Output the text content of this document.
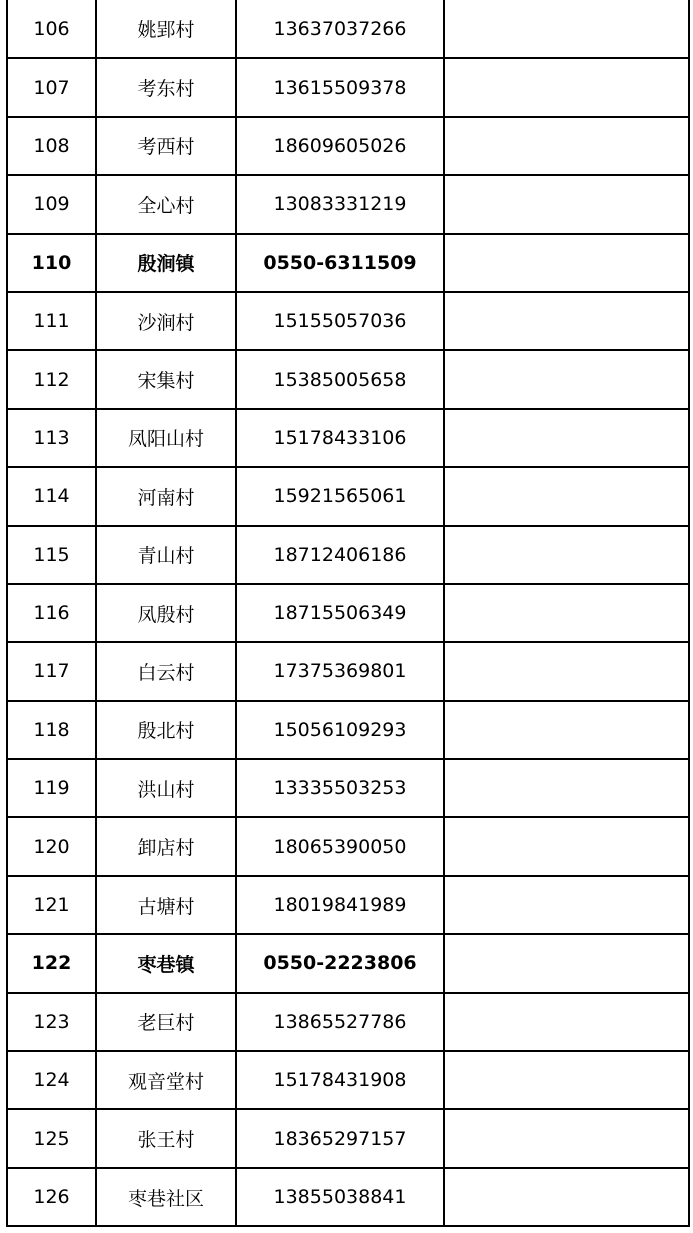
106	姚郢村	13637037266	
107	考东村	13615509378	
108	考西村	18609605026	
109	全心村	13083331219	
110	殷涧镇	0550-6311509	
111	沙涧村	15155057036	
112	宋集村	15385005658	
113	凤阳山村	15178433106	
114	河南村	15921565061	
115	青山村	18712406186	
116	凤殷村	18715506349	
117	白云村	17375369801	
118	殷北村	15056109293	
119	洪山村	13335503253	
120	卸店村	18065390050	
121	古塘村	18019841989	
122	枣巷镇	0550-2223806	
123	老巨村	13865527786	
124	观音堂村	15178431908	
125	张王村	18365297157	
126	枣巷社区	13855038841	
